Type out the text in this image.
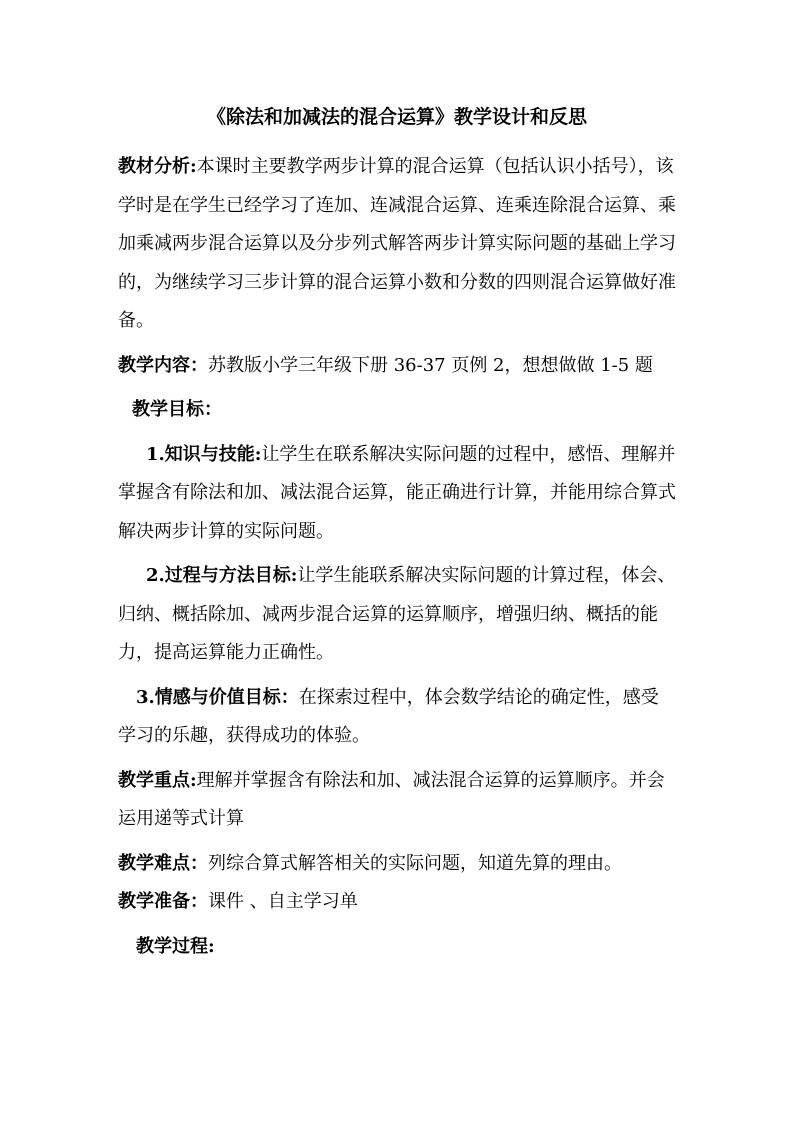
《除法和加减法的混合运算》教学设计和反思

教材分析:本课时主要教学两步计算的混合运算（包括认识小括号），该学时是在学生已经学习了连加、连减混合运算、连乘连除混合运算、乘加乘减两步混合运算以及分步列式解答两步计算实际问题的基础上学习的，为继续学习三步计算的混合运算小数和分数的四则混合运算做好准备。

教学内容：苏教版小学三年级下册 36-37 页例 2，想想做做 1-5 题

教学目标：

1.知识与技能:让学生在联系解决实际问题的过程中，感悟、理解并掌握含有除法和加、减法混合运算，能正确进行计算，并能用综合算式解决两步计算的实际问题。

2.过程与方法目标:让学生能联系解决实际问题的计算过程，体会、归纳、概括除加、减两步混合运算的运算顺序，增强归纳、概括的能力，提高运算能力正确性。

3.情感与价值目标：在探索过程中，体会数学结论的确定性，感受学习的乐趣，获得成功的体验。

教学重点:理解并掌握含有除法和加、减法混合运算的运算顺序。并会运用递等式计算

教学难点：列综合算式解答相关的实际问题，知道先算的理由。

教学准备：课件 、自主学习单

教学过程:
